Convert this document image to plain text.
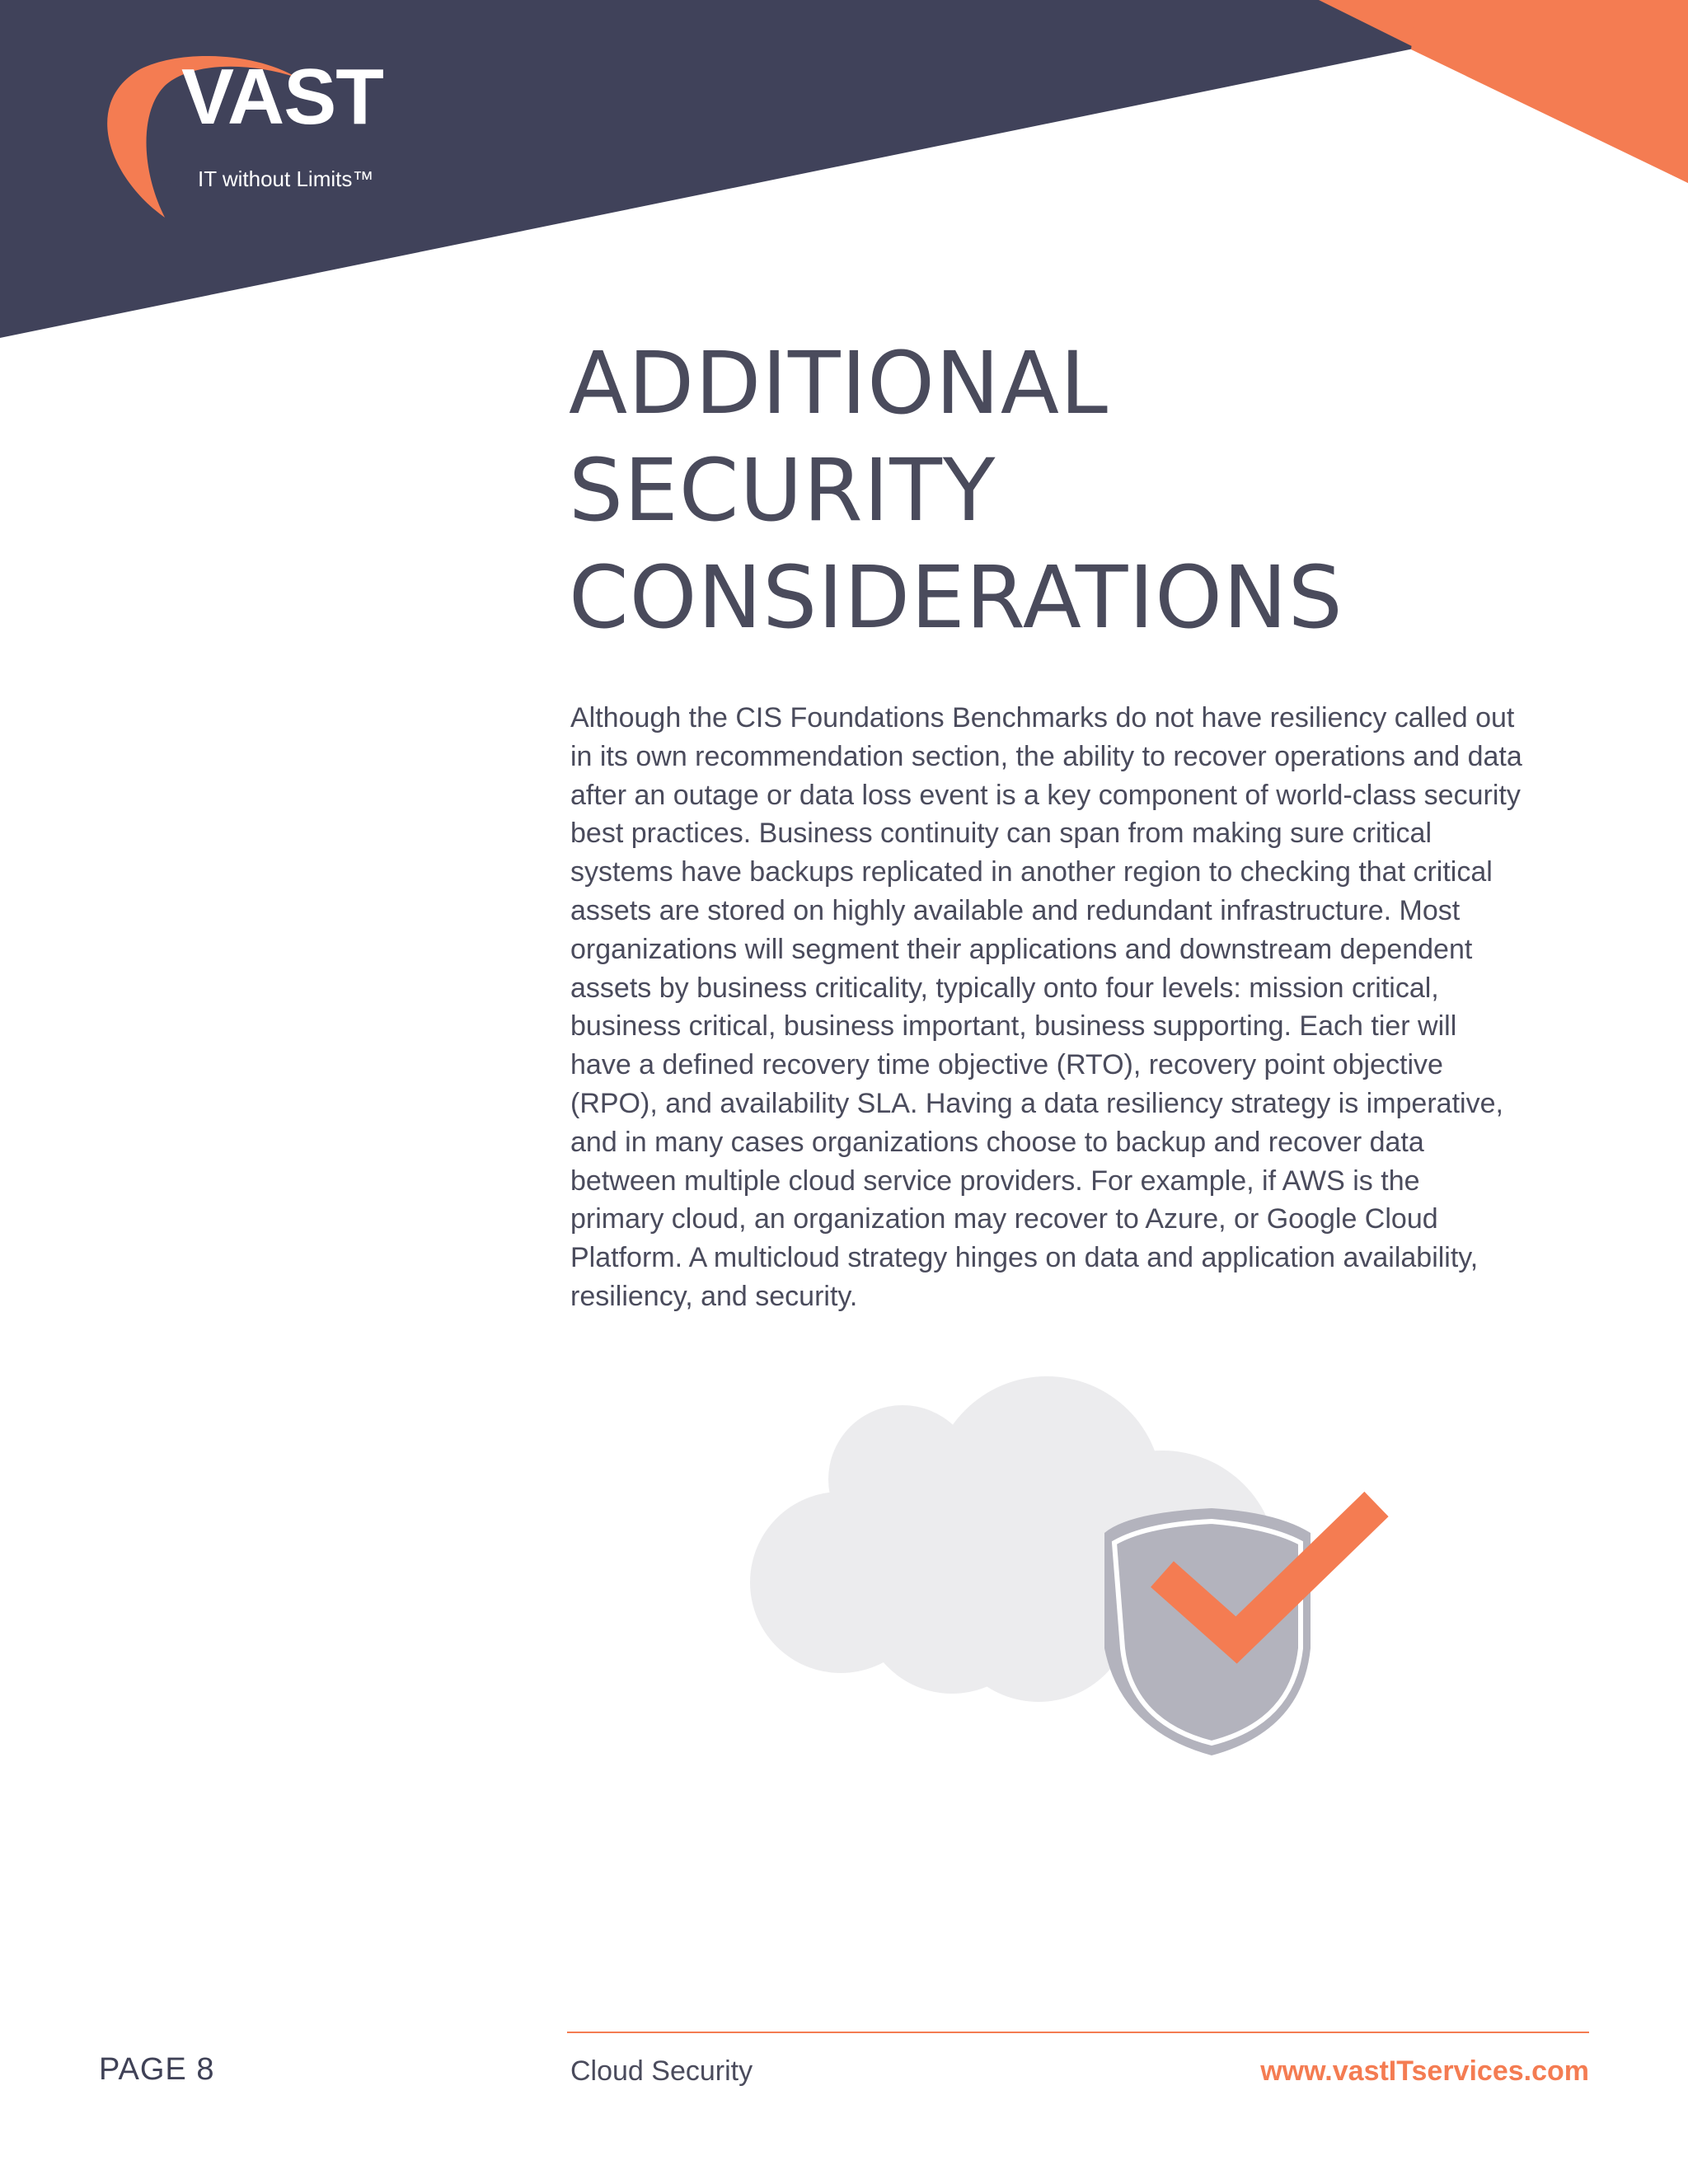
VAST
IT without Limits™
ADDITIONAL
SECURITY
CONSIDERATIONS

Although the CIS Foundations Benchmarks do not have resiliency called out
in its own recommendation section, the ability to recover operations and data
after an outage or data loss event is a key component of world-class security
best practices. Business continuity can span from making sure critical
systems have backups replicated in another region to checking that critical
assets are stored on highly available and redundant infrastructure. Most
organizations will segment their applications and downstream dependent
assets by business criticality, typically onto four levels: mission critical,
business critical, business important, business supporting. Each tier will
have a defined recovery time objective (RTO), recovery point objective
(RPO), and availability SLA. Having a data resiliency strategy is imperative,
and in many cases organizations choose to backup and recover data
between multiple cloud service providers. For example, if AWS is the
primary cloud, an organization may recover to Azure, or Google Cloud
Platform. A multicloud strategy hinges on data and application availability,
resiliency, and security.

PAGE 8	Cloud Security	www.vastITservices.com
